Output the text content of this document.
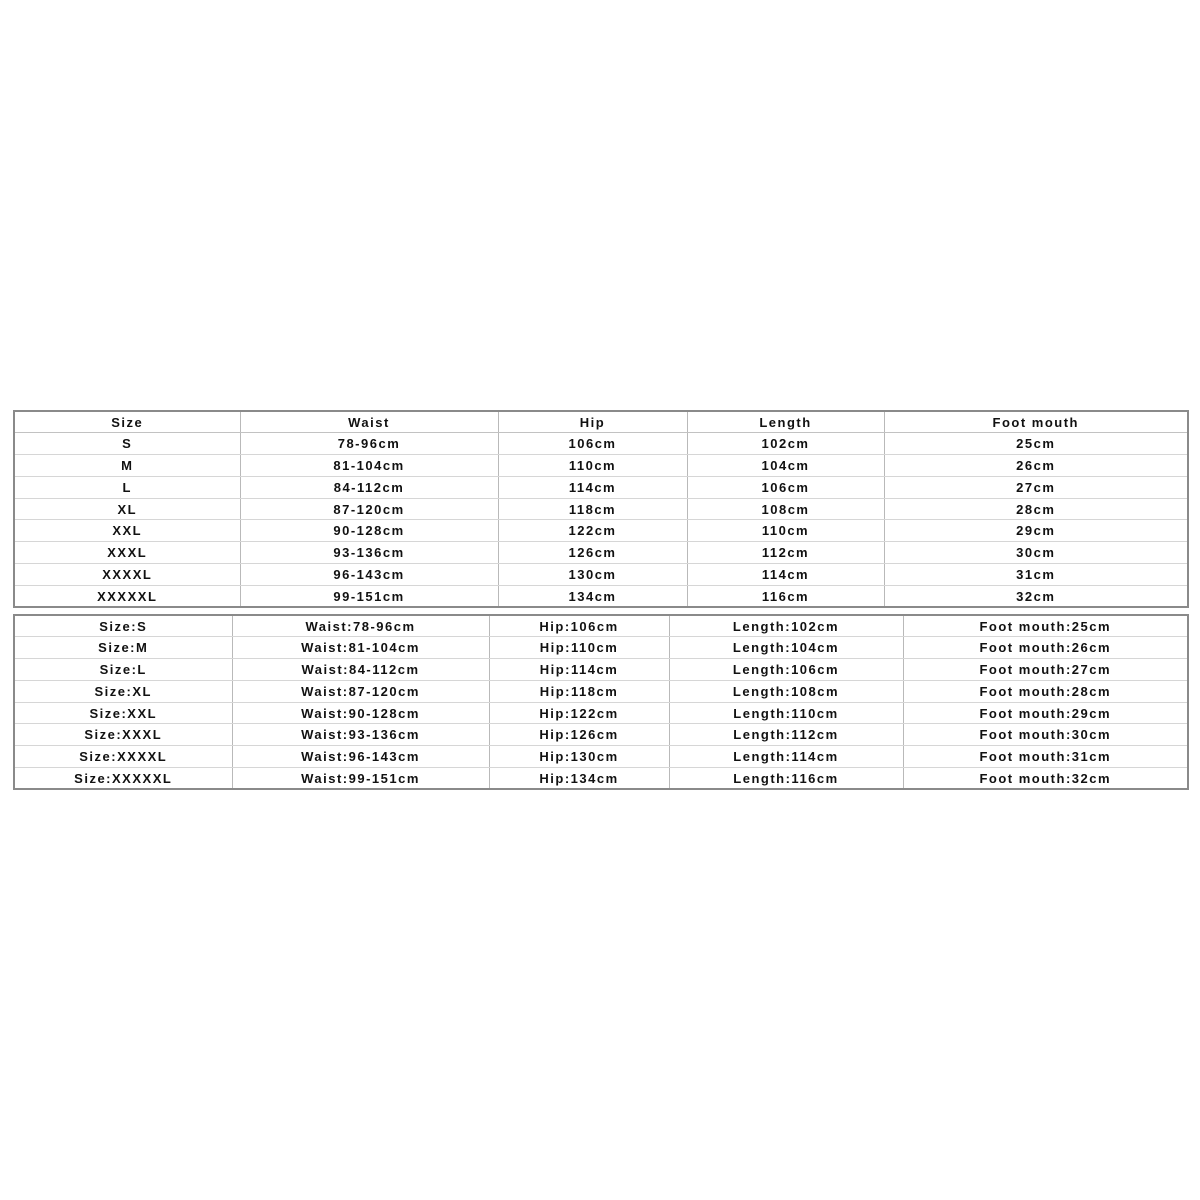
Size	Waist	Hip	Length	Foot mouth
S	78-96cm	106cm	102cm	25cm
M	81-104cm	110cm	104cm	26cm
L	84-112cm	114cm	106cm	27cm
XL	87-120cm	118cm	108cm	28cm
XXL	90-128cm	122cm	110cm	29cm
XXXL	93-136cm	126cm	112cm	30cm
XXXXL	96-143cm	130cm	114cm	31cm
XXXXXL	99-151cm	134cm	116cm	32cm
Size:S	Waist:78-96cm	Hip:106cm	Length:102cm	Foot mouth:25cm
Size:M	Waist:81-104cm	Hip:110cm	Length:104cm	Foot mouth:26cm
Size:L	Waist:84-112cm	Hip:114cm	Length:106cm	Foot mouth:27cm
Size:XL	Waist:87-120cm	Hip:118cm	Length:108cm	Foot mouth:28cm
Size:XXL	Waist:90-128cm	Hip:122cm	Length:110cm	Foot mouth:29cm
Size:XXXL	Waist:93-136cm	Hip:126cm	Length:112cm	Foot mouth:30cm
Size:XXXXL	Waist:96-143cm	Hip:130cm	Length:114cm	Foot mouth:31cm
Size:XXXXXL	Waist:99-151cm	Hip:134cm	Length:116cm	Foot mouth:32cm
